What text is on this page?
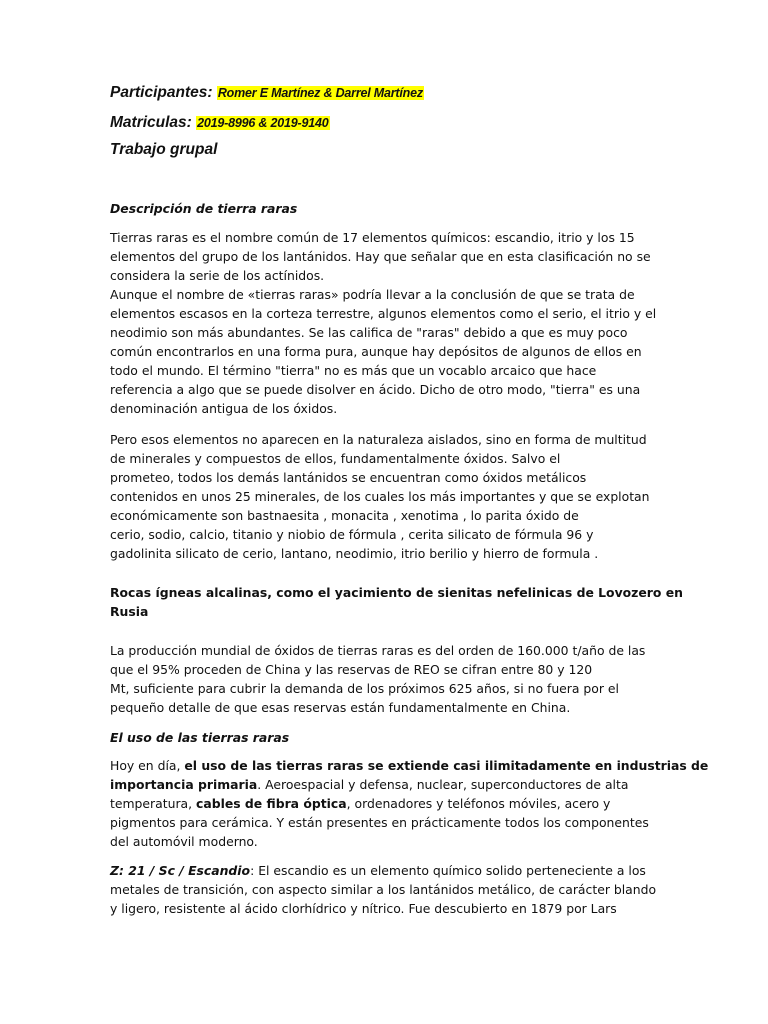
Participantes: Romer E Martínez & Darrel Martínez
Matriculas: 2019-8996 & 2019-9140
Trabajo grupal
Descripción de tierra raras
Tierras raras es el nombre común de 17 elementos químicos: escandio, itrio y los 15
elementos del grupo de los lantánidos. Hay que señalar que en esta clasificación no se
considera la serie de los actínidos.
Aunque el nombre de «tierras raras» podría llevar a la conclusión de que se trata de
elementos escasos en la corteza terrestre, algunos elementos como el serio, el itrio y el
neodimio son más abundantes. Se las califica de "raras" debido a que es muy poco
común encontrarlos en una forma pura, aunque hay depósitos de algunos de ellos en
todo el mundo. El término "tierra" no es más que un vocablo arcaico que hace
referencia a algo que se puede disolver en ácido. Dicho de otro modo, "tierra" es una
denominación antigua de los óxidos.
Pero esos elementos no aparecen en la naturaleza aislados, sino en forma de multitud
de minerales y compuestos de ellos, fundamentalmente óxidos. Salvo el
prometeo, todos los demás lantánidos se encuentran como óxidos metálicos
contenidos en unos 25 minerales, de los cuales los más importantes y que se explotan
económicamente son bastnaesita , monacita , xenotima , lo parita óxido de
cerio, sodio, calcio, titanio y niobio de fórmula , cerita silicato de fórmula 96 y
gadolinita silicato de cerio, lantano, neodimio, itrio berilio y hierro de formula .
Rocas ígneas alcalinas, como el yacimiento de sienitas nefelinicas de Lovozero en
Rusia
La producción mundial de óxidos de tierras raras es del orden de 160.000 t/año de las
que el 95% proceden de China y las reservas de REO se cifran entre 80 y 120
Mt, suficiente para cubrir la demanda de los próximos 625 años, si no fuera por el
pequeño detalle de que esas reservas están fundamentalmente en China.
El uso de las tierras raras
Hoy en día, el uso de las tierras raras se extiende casi ilimitadamente en industrias de
importancia primaria. Aeroespacial y defensa, nuclear, superconductores de alta
temperatura, cables de fibra óptica, ordenadores y teléfonos móviles, acero y
pigmentos para cerámica. Y están presentes en prácticamente todos los componentes
del automóvil moderno.
Z: 21 / Sc / Escandio: El escandio es un elemento químico solido perteneciente a los
metales de transición, con aspecto similar a los lantánidos metálico, de carácter blando
y ligero, resistente al ácido clorhídrico y nítrico. Fue descubierto en 1879 por Lars
